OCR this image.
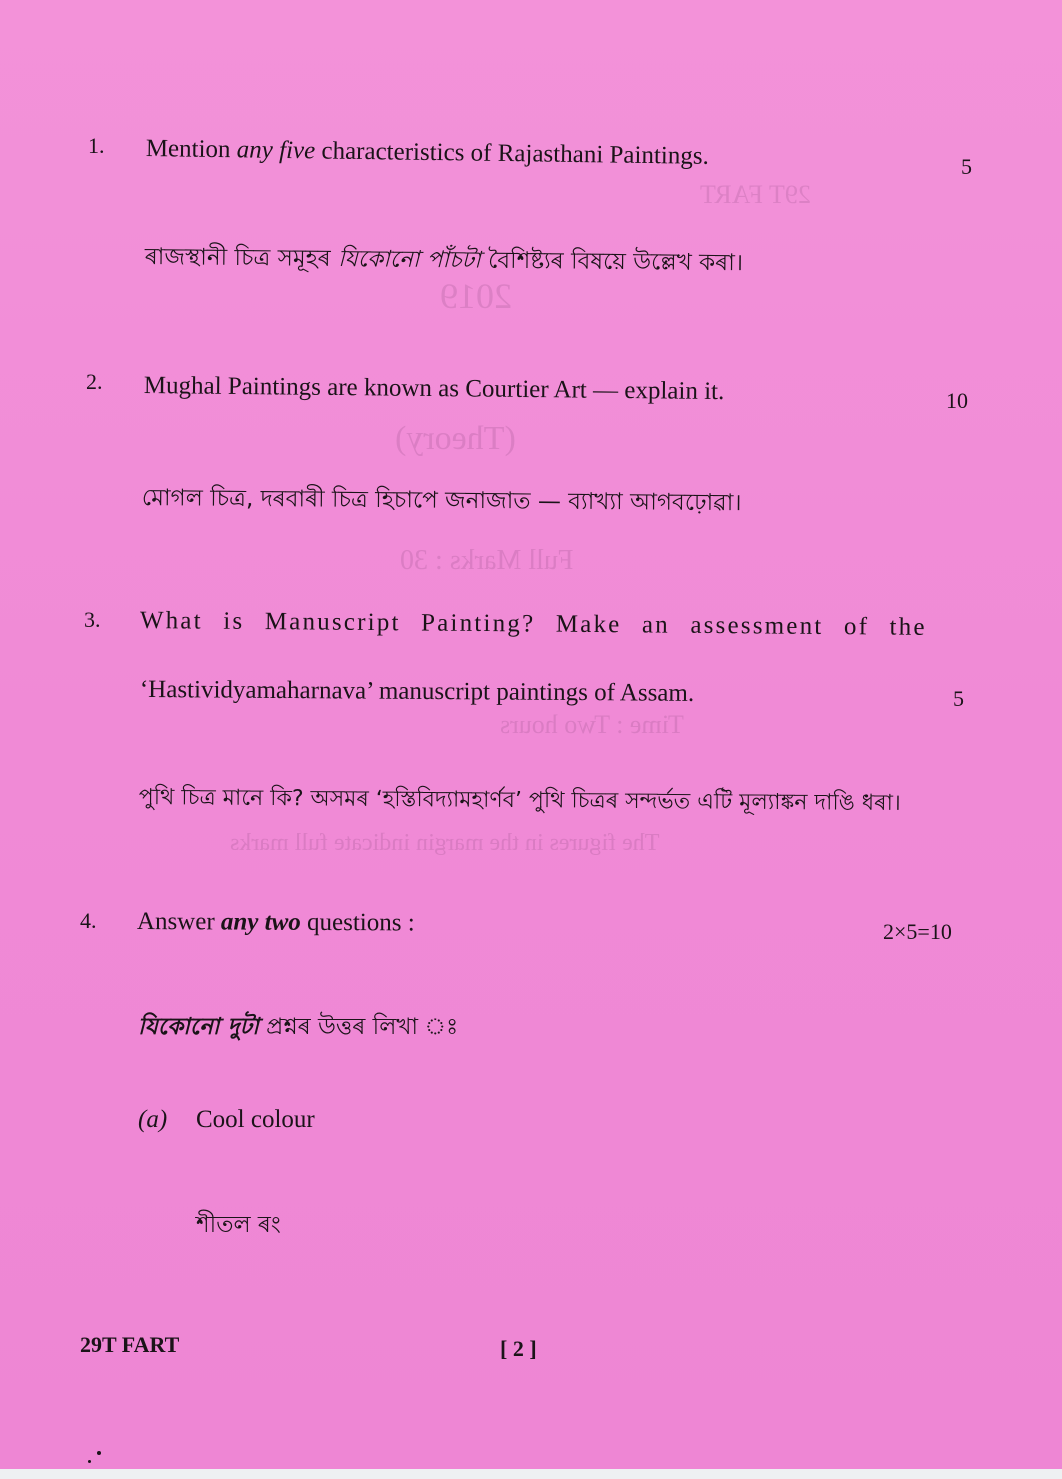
(Theory)
2019
Full Marks : 30
Time : Two hours
The figures in the margin indicate full marks
29T FART
1. Mention any five characteristics of Rajasthani Paintings.	5
ৰাজস্থানী চিত্ৰ সমূহৰ যিকোনো পাঁচটা বৈশিষ্ট্যৰ বিষয়ে উল্লেখ কৰা।
2. Mughal Paintings are known as Courtier Art — explain it.	10
মোগল চিত্ৰ, দৰবাৰী চিত্ৰ হিচাপে জনাজাত — ব্যাখ্যা আগবঢ়োৱা।
3. What is Manuscript Painting? Make an assessment of the
‘Hastividyamaharnava’ manuscript paintings of Assam.	5
পুথি চিত্ৰ মানে কি? অসমৰ ‘হস্তিবিদ্যামহাৰ্ণব’ পুথি চিত্ৰৰ সন্দৰ্ভত এটি মূল্যাঙ্কন দাঙি ধৰা।
4. Answer any two questions :	2×5=10
যিকোনো দুটা প্ৰশ্নৰ উত্তৰ লিখা ঃ
(a) Cool colour
শীতল ৰং
29T FART	[ 2 ]
